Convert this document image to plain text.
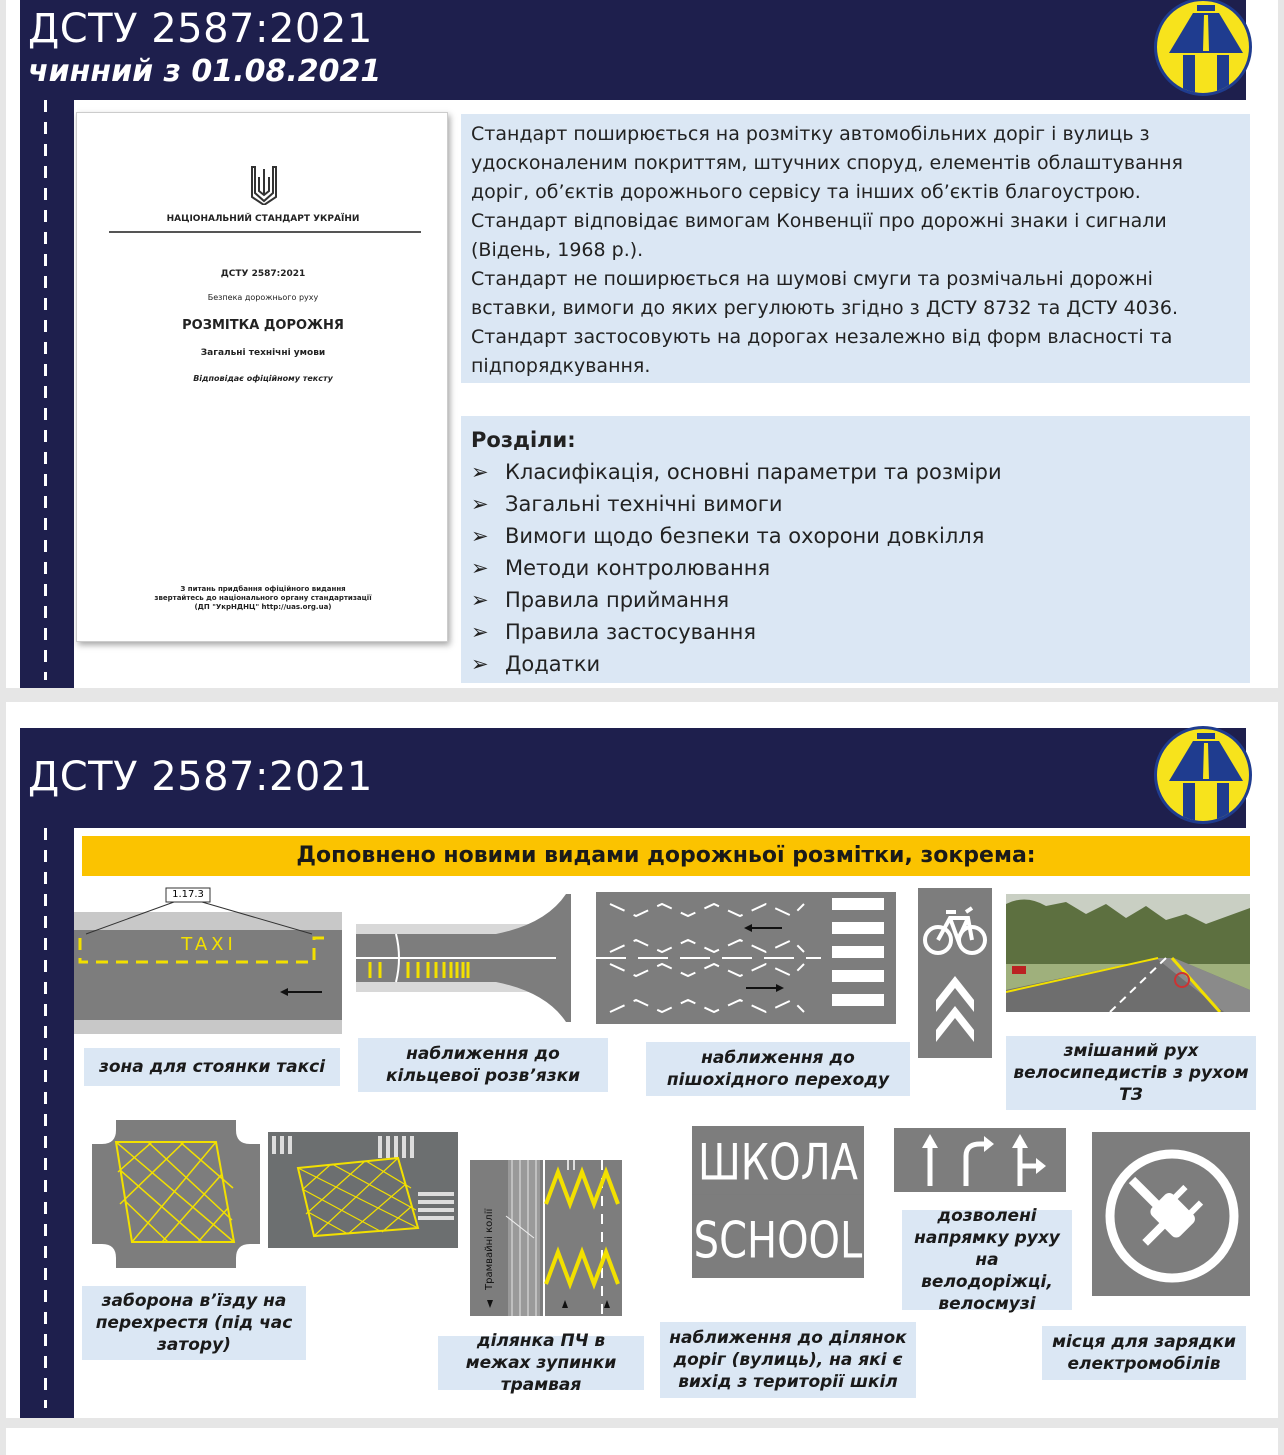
ДСТУ 2587:2021
чинний з 01.08.2021
НАЦІОНАЛЬНИЙ СТАНДАРТ УКРАЇНИ
ДСТУ 2587:2021
Безпека дорожнього руху
РОЗМІТКА ДОРОЖНЯ
Загальні технічні умови
Відповідає офіційному тексту
З питань придбання офіційного видання
звертайтесь до національного органу стандартизації
(ДП "УкрНДНЦ" http://uas.org.ua)
Стандарт поширюється на розмітку автомобільних доріг і вулиць з удосконаленим покриттям, штучних споруд, елементів облаштування доріг, об’єктів дорожнього сервісу та інших об’єктів благоустрою.
Стандарт відповідає вимогам Конвенції про дорожні знаки і сигнали (Відень, 1968 р.).
Стандарт не поширюється на шумові смуги та розмічальні дорожні вставки, вимоги до яких регулюють згідно з ДСТУ 8732 та ДСТУ 4036.
Стандарт застосовують на дорогах незалежно від форм власності та підпорядкування.
Розділи:
➢ Класифікація, основні параметри та розміри
➢ Загальні технічні вимоги
➢ Вимоги щодо безпеки та охорони довкілля
➢ Методи контролювання
➢ Правила приймання
➢ Правила застосування
➢ Додатки
ДСТУ 2587:2021
Доповнено новими видами дорожньої розмітки, зокрема:
1.17.3
TAXI
Трамвайні колії
ШКОЛА
SCHOOL
зона для стоянки таксі
наближення до кільцевої розв’язки
наближення до пішохідного переходу
змішаний рух велосипедистів з рухом ТЗ
заборона в’їзду на перехрестя (під час затору)	ділянка ПЧ в межах зупинки трамвая
наближення до ділянок доріг (вулиць), на які є вихід з території шкіл
дозволені напрямку руху на велодоріжці, велосмузі
місця для зарядки електромобілів
